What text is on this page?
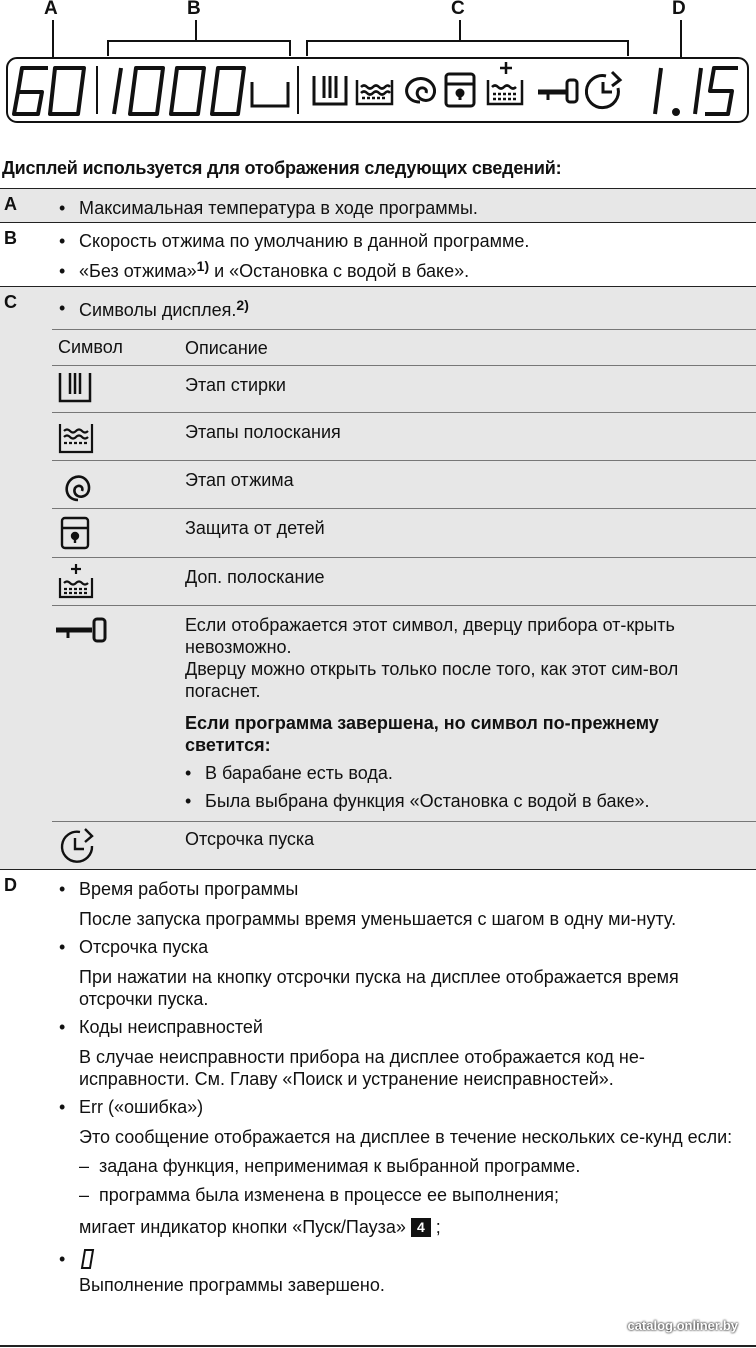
A	B	C	D
Дисплей используется для отображения следующих сведений:
A	• Максимальная температура в ходе программы.
B	• Скорость отжима по умолчанию в данной программе.
• «Без отжима»$^{1)}$ и «Остановка с водой в баке».
C	• Символы дисплея.$^{2)}$
Символ	Описание
Этап стирки
Этапы полоскания
Этап отжима
Защита от детей
Доп. полоскание
Если отображается этот символ, дверцу прибора от-крыть невозможно.
Дверцу можно открыть только после того, как этот сим-вол погаснет.
Если программа завершена, но символ по-прежнему светится:
• В барабане есть вода.
• Была выбрана функция «Остановка с водой в баке».
Отсрочка пуска
D	• Время работы программы
После запуска программы время уменьшается с шагом в одну ми-нуту.
• Отсрочка пуска
При нажатии на кнопку отсрочки пуска на дисплее отображается время отсрочки пуска.
• Коды неисправностей
В случае неисправности прибора на дисплее отображается код не-исправности. См. Главу «Поиск и устранение неисправностей».
• Err («ошибка»)
Это сообщение отображается на дисплее в течение нескольких се-кунд если:
– задана функция, неприменимая к выбранной программе.
– программа была изменена в процессе ее выполнения;
мигает индикатор кнопки «Пуск/Пауза» 4 ;
•
Выполнение программы завершено.
catalog.onliner.by
